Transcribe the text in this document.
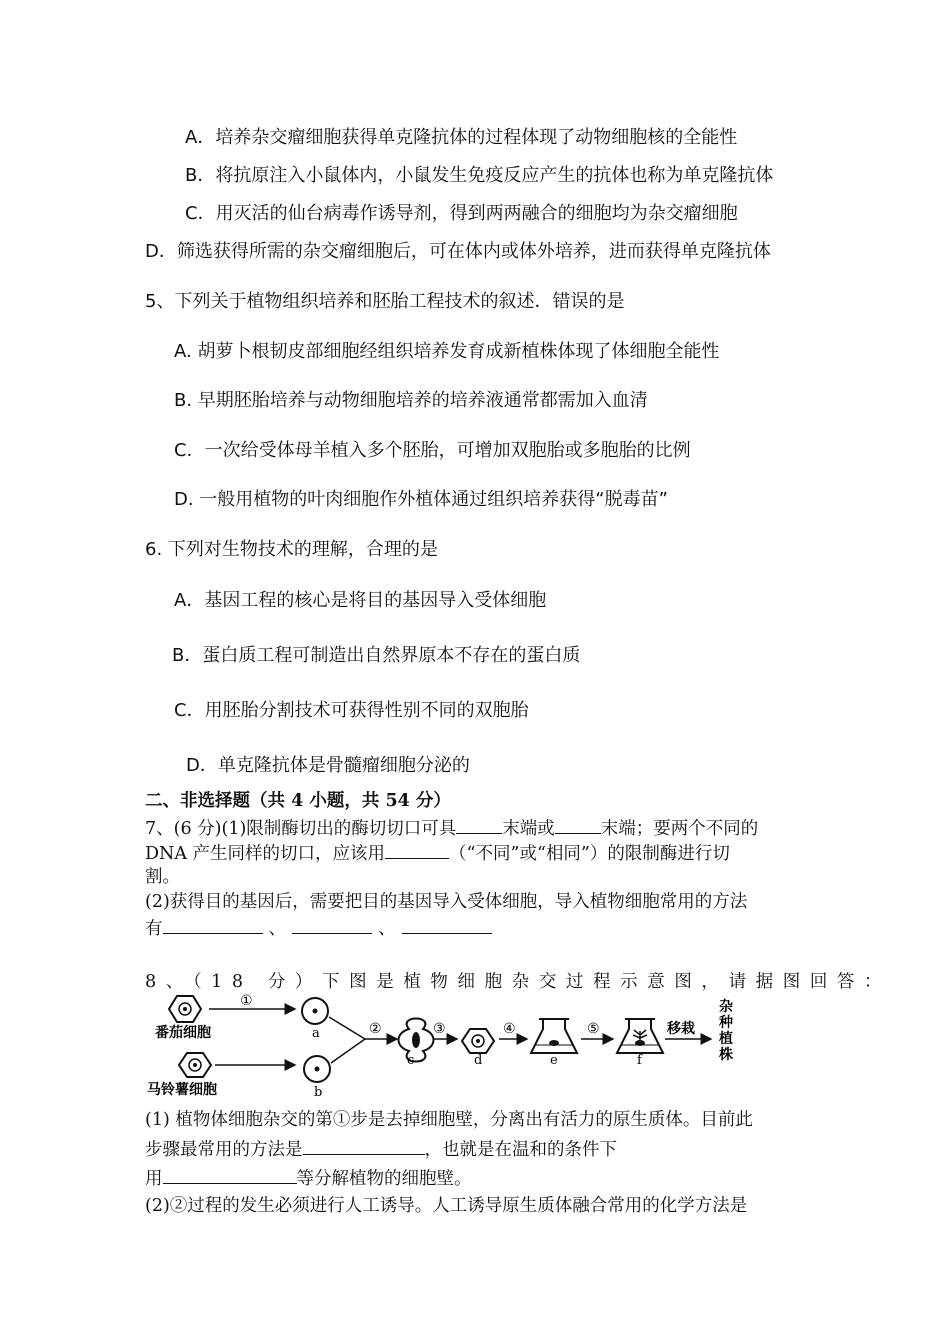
A．培养杂交瘤细胞获得单克隆抗体的过程体现了动物细胞核的全能性
B．将抗原注入小鼠体内，小鼠发生免疫反应产生的抗体也称为单克隆抗体
C．用灭活的仙台病毒作诱导剂，得到两两融合的细胞均为杂交瘤细胞
D．筛选获得所需的杂交瘤细胞后，可在体内或体外培养，进而获得单克隆抗体
5、下列关于植物组织培养和胚胎工程技术的叙述．错误的是
A. 胡萝卜根韧皮部细胞经组织培养发育成新植株体现了体细胞全能性
B. 早期胚胎培养与动物细胞培养的培养液通常都需加入血清
C．一次给受体母羊植入多个胚胎，可增加双胞胎或多胞胎的比例
D. 一般用植物的叶肉细胞作外植体通过组织培养获得“脱毒苗”
6. 下列对生物技术的理解，合理的是
A．基因工程的核心是将目的基因导入受体细胞
B．蛋白质工程可制造出自然界原本不存在的蛋白质
C．用胚胎分割技术可获得性别不同的双胞胎
D．单克隆抗体是骨髓瘤细胞分泌的
二、非选择题（共 4 小题，共 54 分）
7、(6 分)(1)限制酶切出的酶切切口可具	末端或	末端；要两个不同的
DNA 产生同样的切口，应该用	（“不同”或“相同”）的限制酶进行切
割。
(2)获得目的基因后，需要把目的基因导入受体细胞，导入植物细胞常用的方法
有	、	、
8、（18 分）下图是植物细胞杂交过程示意图，请据图回答：
番茄细胞
①
马铃薯细胞
a
b
②
c
③
d
④
e
⑤
f
移栽
杂
种
植
株
(1) 植物体细胞杂交的第①步是去掉细胞壁，分离出有活力的原生质体。目前此
步骤最常用的方法是	，也就是在温和的条件下
用	等分解植物的细胞壁。
(2)②过程的发生必须进行人工诱导。人工诱导原生质体融合常用的化学方法是
